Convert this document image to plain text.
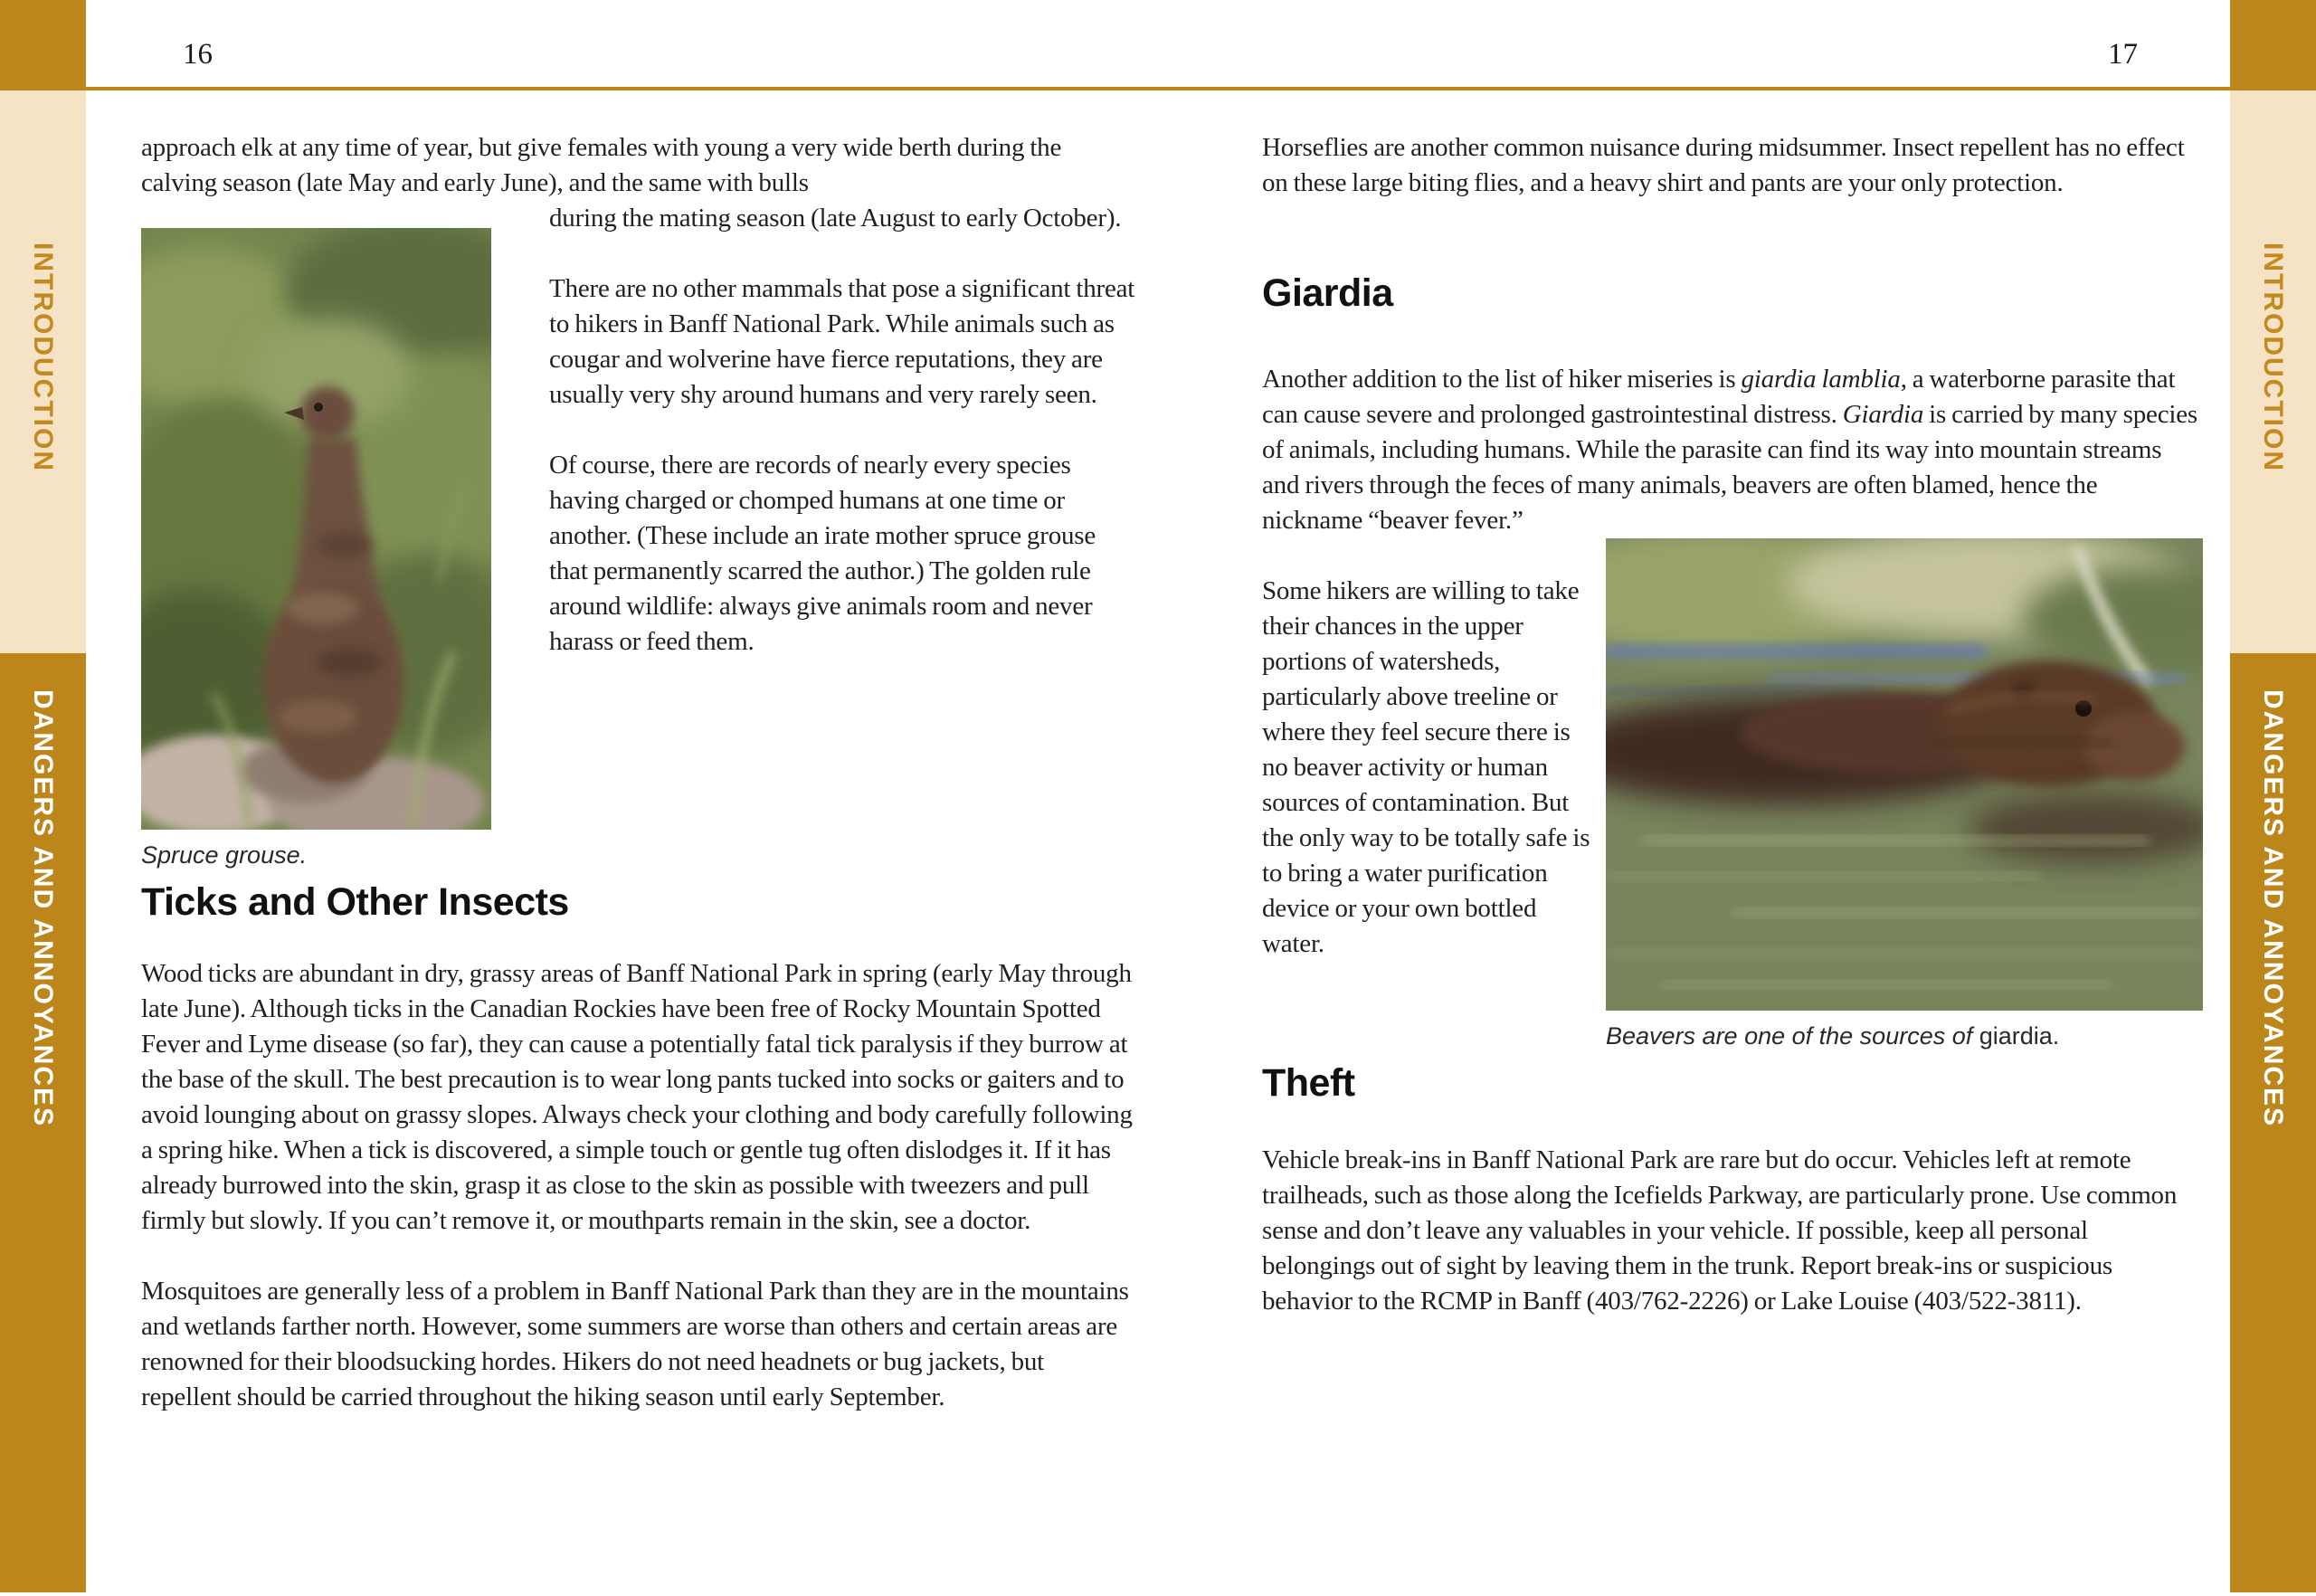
16	17
INTRODUCTION
DANGERS AND ANNOYANCES
INTRODUCTION
DANGERS AND ANNOYANCES

approach elk at any time of year, but give females with young a very wide berth during the calving season (late May and early June), and the same with bulls

Spruce grouse.

during the mating season (late August to early October).

There are no other mammals that pose a significant threat to hikers in Banff National Park. While animals such as cougar and wolverine have fierce reputations, they are usually very shy around humans and very rarely seen.

Of course, there are records of nearly every species having charged or chomped humans at one time or another. (These include an irate mother spruce grouse that permanently scarred the author.) The golden rule around wildlife: always give animals room and never harass or feed them.

Ticks and Other Insects

Wood ticks are abundant in dry, grassy areas of Banff National Park in spring (early May through late June). Although ticks in the Canadian Rockies have been free of Rocky Mountain Spotted Fever and Lyme disease (so far), they can cause a potentially fatal tick paralysis if they burrow at the base of the skull. The best precaution is to wear long pants tucked into socks or gaiters and to avoid lounging about on grassy slopes. Always check your clothing and body carefully following a spring hike. When a tick is discovered, a simple touch or gentle tug often dislodges it. If it has already burrowed into the skin, grasp it as close to the skin as possible with tweezers and pull firmly but slowly. If you can’t remove it, or mouthparts remain in the skin, see a doctor.

Mosquitoes are generally less of a problem in Banff National Park than they are in the mountains and wetlands farther north. However, some summers are worse than others and certain areas are renowned for their bloodsucking hordes. Hikers do not need headnets or bug jackets, but repellent should be carried throughout the hiking season until early September.

Horseflies are another common nuisance during midsummer. Insect repellent has no effect on these large biting flies, and a heavy shirt and pants are your only protection.

Giardia

Another addition to the list of hiker miseries is giardia lamblia, a waterborne parasite that can cause severe and prolonged gastrointestinal distress. Giardia is carried by many species of animals, including humans. While the parasite can find its way into mountain streams and rivers through the feces of many animals, beavers are often blamed, hence the nickname “beaver fever.”

Beavers are one of the sources of giardia.

Some hikers are willing to take their chances in the upper portions of watersheds, particularly above treeline or where they feel secure there is no beaver activity or human sources of contamination. But the only way to be totally safe is to bring a water purification device or your own bottled water.

Theft

Vehicle break-ins in Banff National Park are rare but do occur. Vehicles left at remote trailheads, such as those along the Icefields Parkway, are particularly prone. Use common sense and don’t leave any valuables in your vehicle. If possible, keep all personal belongings out of sight by leaving them in the trunk. Report break-ins or suspicious behavior to the RCMP in Banff (403/762-2226) or Lake Louise (403/522-3811).
